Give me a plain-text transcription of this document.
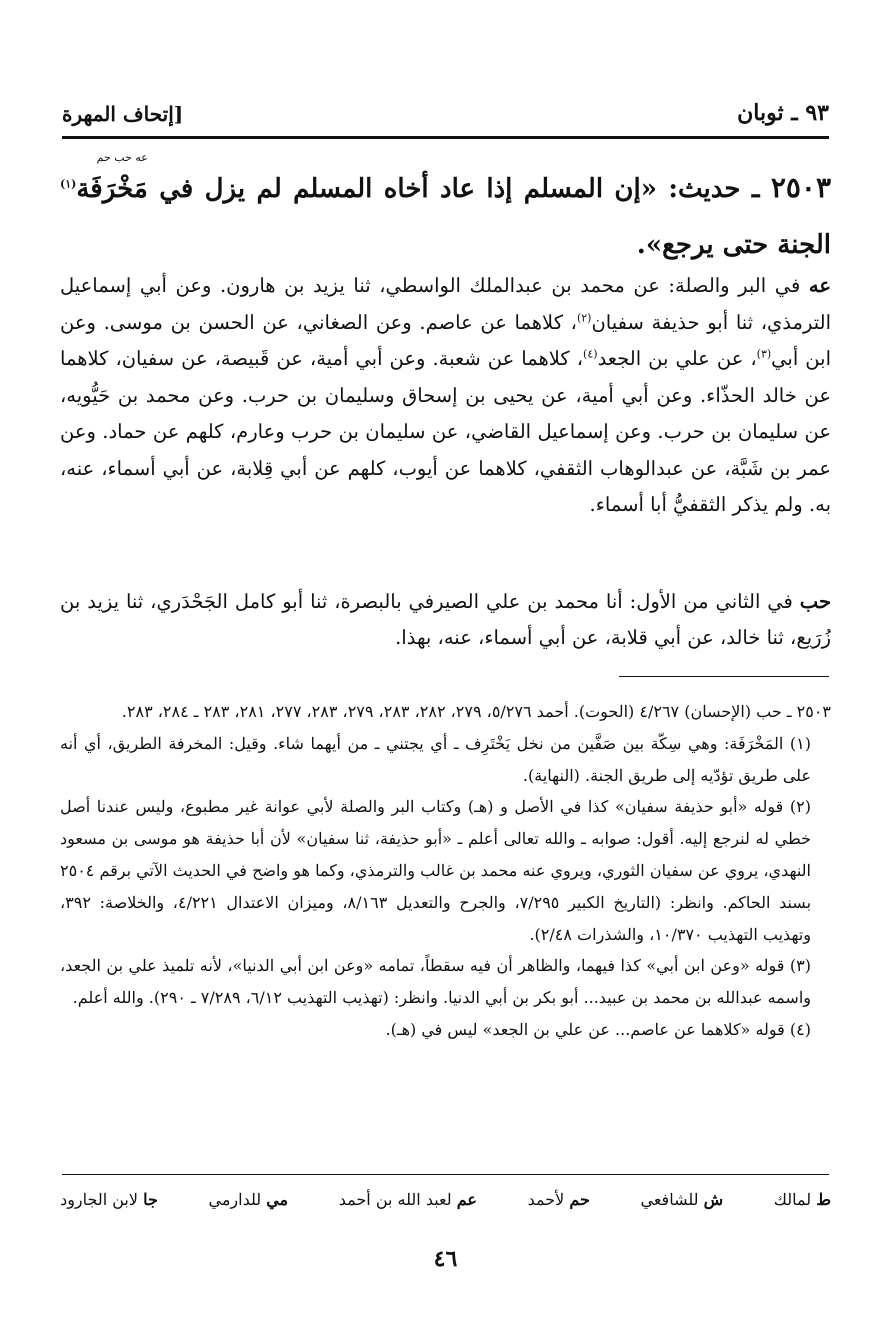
٩٣ ـ ثوبان
[إتحاف المهرة
٢٥٠٣ ـ حديث: «إن المسلم إذا عاد أخاه المسلم لم يزل في
عه حب حم
مَخْرَفَة$^{(١)}$ الجنة حتى يرجع».

عه في البر والصلة: عن محمد بن عبدالملك الواسطي، ثنا يزيد بن هارون. وعن أبي إسماعيل الترمذي، ثنا أبو حذيفة سفيان$^{(٢)}$، كلاهما عن عاصم. وعن الصغاني، عن الحسن بن موسى. وعن ابن أبي$^{(٣)}$، عن علي بن الجعد$^{(٤)}$، كلاهما عن شعبة. وعن أبي أمية، عن قَبيصة، عن سفيان، كلاهما عن خالد الحذّاء. وعن أبي أمية، عن يحيى بن إسحاق وسليمان بن حرب. وعن محمد بن حَيُّويه، عن سليمان بن حرب. وعن إسماعيل القاضي، عن سليمان بن حرب وعارم، كلهم عن حماد. وعن عمر بن شَبَّة، عن عبدالوهاب الثقفي، كلاهما عن أيوب، كلهم عن أبي قِلابة، عن أبي أسماء، عنه، به. ولم يذكر الثقفيُّ أبا أسماء.

حب في الثاني من الأول: أنا محمد بن علي الصيرفي بالبصرة، ثنا أبو كامل الجَحْدَري، ثنا يزيد بن زُرَيع، ثنا خالد، عن أبي قلابة، عن أبي أسماء، عنه، بهذا.

٢٥٠٣ ـ حب (الإحسان) ٤/٢٦٧ (الحوت). أحمد ٥/٢٧٦، ٢٧٩، ٢٨٢، ٢٨٣، ٢٧٩، ٢٨٣، ٢٧٧، ٢٨١، ٢٨٣ ـ ٢٨٤، ٢٨٣.

(١) المَخْرَفَة: وهي سِكّة بين صَفَّين من نخل يَخْتَرِف ـ أي يجتني ـ من أيهما شاء. وقيل: المخرفة الطريق، أي أنه على طريق تؤدّيه إلى طريق الجنة. (النهاية).

(٢) قوله «أبو حذيفة سفيان» كذا في الأصل و (هـ) وكتاب البر والصلة لأبي عوانة غير مطبوع، وليس عندنا أصل خطي له لنرجع إليه. أقول: صوابه ـ والله تعالى أعلم ـ «أبو حذيفة، ثنا سفيان» لأن أبا حذيفة هو موسى بن مسعود النهدي، يروي عن سفيان الثوري، ويروي عنه محمد بن غالب والترمذي، وكما هو واضح في الحديث الآتي برقم ٢٥٠٤ بسند الحاكم. وانظر: (التاريخ الكبير ٧/٢٩٥، والجرح والتعديل ٨/١٦٣، وميزان الاعتدال ٤/٢٢١، والخلاصة: ٣٩٢، وتهذيب التهذيب ١٠/٣٧٠، والشذرات ٢/٤٨).

(٣) قوله «وعن ابن أبي» كذا فيهما، والظاهر أن فيه سقطاً، تمامه «وعن ابن أبي الدنيا»، لأنه تلميذ علي بن الجعد، واسمه عبدالله بن محمد بن عبيد... أبو بكر بن أبي الدنيا. وانظر: (تهذيب التهذيب ٦/١٢، ٧/٢٨٩ ـ ٢٩٠). والله أعلم.

(٤) قوله «كلاهما عن عاصم... عن علي بن الجعد» ليس في (هـ).

ط لمالك
ش للشافعي
حم لأحمد
عم لعبد الله بن أحمد
مي للدارمي
جا لابن الجارود
٤٦
